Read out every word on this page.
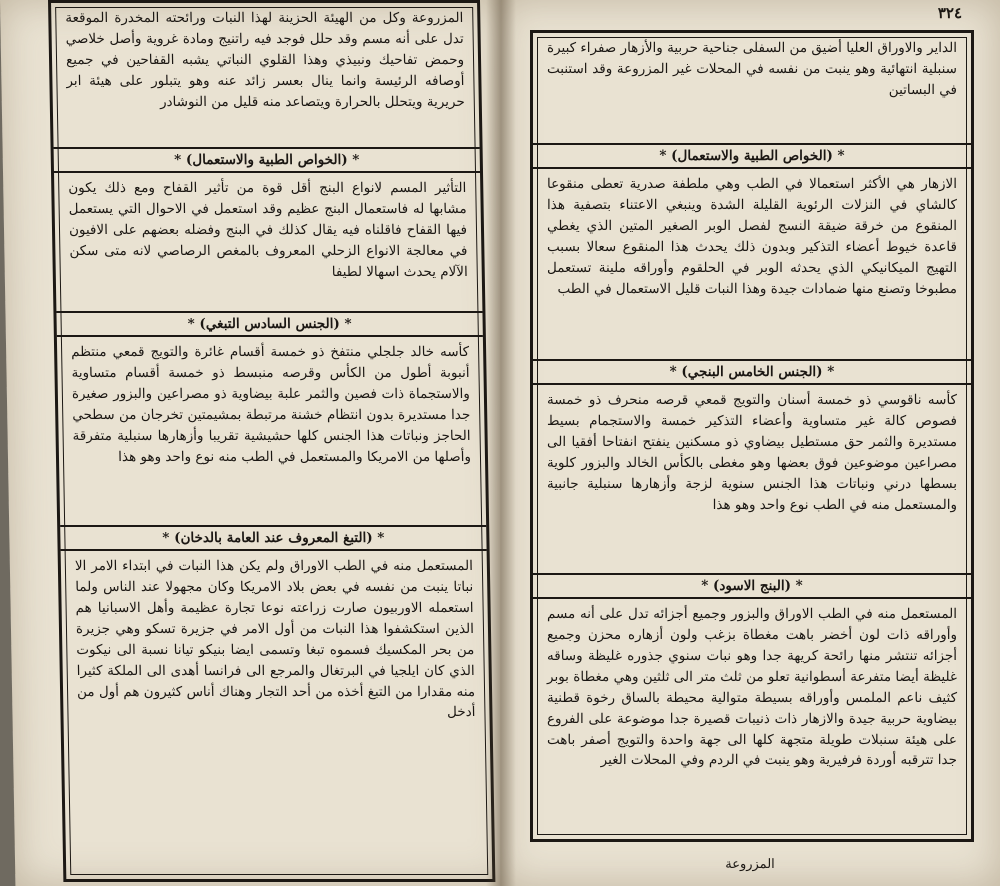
المزروعة وكل من الهيئة الحزينة لهذا النبات ورائحته المخدرة الموقعة تدل على أنه مسم وقد حلل فوجد فيه راتنيج ومادة غروية وأصل خلاصي وحمض تفاحيك ونبيذي وهذا القلوي النباتي يشبه القفاحين في جميع أوصافه الرئيسة وانما ينال بعسر زائد عنه وهو يتبلور على هيئة ابر حريرية ويتحلل بالحرارة ويتصاعد منه قليل من النوشادر

* (الخواص الطبية والاستعمال) *

التأثير المسم لانواع البنج أقل قوة من تأثير القفاح ومع ذلك يكون مشابها له فاستعمال البنج عظيم وقد استعمل في الاحوال التي يستعمل فيها القفاح فاقلناه فيه يقال كذلك في البنج وفضله بعضهم على الافيون في معالجة الانواع الزحلي المعروف بالمغص الرصاصي لانه متى سكن الآلام يحدث اسهالا لطيفا

* (الجنس السادس التبغي) *

كأسه خالد جلجلي منتفخ ذو خمسة أقسام غائرة والتويج قمعي منتظم أنبوبة أطول من الكأس وقرصه منبسط ذو خمسة أقسام متساوية والاستجماة ذات فصين والثمر علبة بيضاوية ذو مصراعين والبزور صغيرة جدا مستديرة بدون انتظام خشنة مرتبطة بمشيمتين تخرجان من سطحي الحاجز ونباتات هذا الجنس كلها حشيشية تقريبا وأزهارها سنبلية متفرقة وأصلها من الامريكا والمستعمل في الطب منه نوع واحد وهو هذا

* (التبغ المعروف عند العامة بالدخان) *

المستعمل منه في الطب الاوراق ولم يكن هذا النبات في ابتداء الامر الا نباتا ينبت من نفسه في بعض بلاد الامريكا وكان مجهولا عند الناس ولما استعمله الاوربيون صارت زراعته نوعا تجارة عظيمة وأهل الاسبانيا هم الذين استكشفوا هذا النبات من أول الامر في جزيرة تسكو وهي جزيرة من بحر المكسيك فسموه تبغا وتسمى ايضا بنيكو تيانا نسبة الى نيكوت الذي كان ايلجيا في البرتغال والمرجع الى فرانسا أهدى الى الملكة كثيرا منه مقدارا من التبغ أخذه من أحد التجار وهناك أناس كثيرون هم أول من أدخل

٣٢٤

الداير والاوراق العليا أضيق من السفلى جناحية حربية والأزهار صفراء كبيرة سنبلية انتهائية وهو ينبت من نفسه في المحلات غير المزروعة وقد استنبت في البساتين

* (الخواص الطبية والاستعمال) *

الازهار هي الأكثر استعمالا في الطب وهي ملطفة صدرية تعطى منقوعا كالشاي في النزلات الرئوية القليلة الشدة وينبغي الاعتناء بتصفية هذا المنقوع من خرقة ضيقة النسج لفصل الوبر الصغير المتين الذي يغطي قاعدة خيوط أعضاء التذكير وبدون ذلك يحدث هذا المنقوع سعالا بسبب التهيج الميكانيكي الذي يحدثه الوبر في الحلقوم وأوراقه ملينة تستعمل مطبوخا وتصنع منها ضمادات جيدة وهذا النبات قليل الاستعمال في الطب

* (الجنس الخامس البنجي) *

كأسه ناقوسي ذو خمسة أسنان والتويج قمعي قرصه منحرف ذو خمسة فصوص كالة غير متساوية وأعضاء التذكير خمسة والاستجمام بسيط مستديرة والثمر حق مستطيل بيضاوي ذو مسكنين ينفتح انفتاحا أفقيا الى مصراعين موضوعين فوق بعضها وهو مغطى بالكأس الخالد والبزور كلوية بسطها درني ونباتات هذا الجنس سنوية لزجة وأزهارها سنبلية جانبية والمستعمل منه في الطب نوع واحد وهو هذا

* (البنج الاسود) *

المستعمل منه في الطب الاوراق والبزور وجميع أجزائه تدل على أنه مسم وأوراقه ذات لون أخضر باهت مغطاة بزغب ولون أزهاره محزن وجميع أجزائه تنتشر منها رائحة كريهة جدا وهو نبات سنوي جذوره غليظة وساقه غليظة أيضا متفرعة أسطوانية تعلو من ثلث متر الى ثلثين وهي مغطاة بوبر كثيف ناعم الملمس وأوراقه بسيطة متوالية محيطة بالساق رخوة قطنية بيضاوية حربية جيدة والازهار ذات ذنيبات قصيرة جدا موضوعة على الفروع على هيئة سنبلات طويلة متجهة كلها الى جهة واحدة والتويج أصفر باهت جدا تترقبه أوردة فرفيرية وهو ينبت في الردم وفي المحلات الغير

المزروعة
